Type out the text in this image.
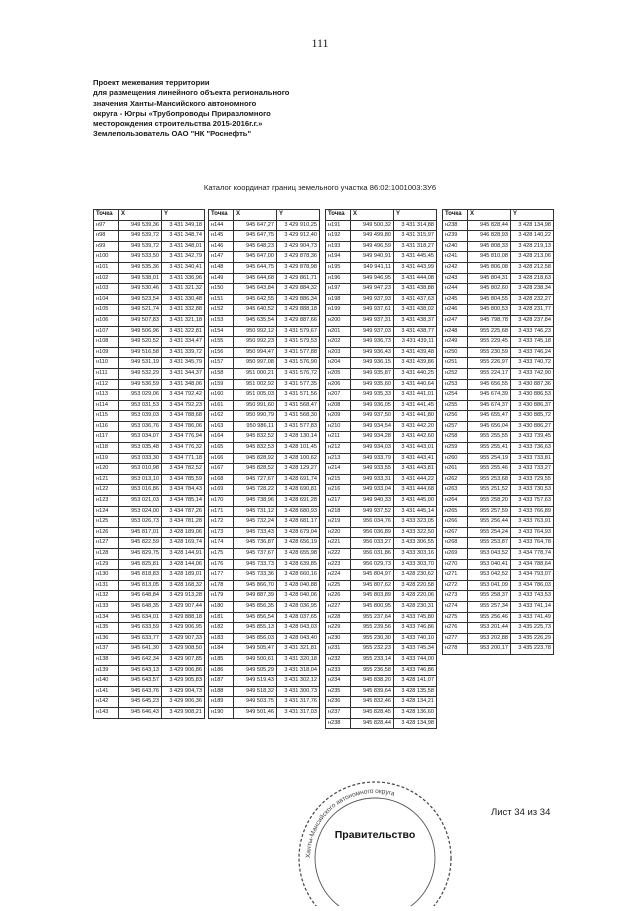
111
Проект межевания территории
для размещения линейного объекта регионального
значения Ханты-Мансийского автономного
округа - Югры «Трубопроводы Приразломного
месторождения строительства 2015-2016г.г.»
Землепользователь ОАО "НК "Роснефть"
Каталог координат границ земельного участка 86:02:1001003:ЗУ6
Точка	X	Y
н97	949 539,36	3 431 349,18
н98	949 539,72	3 431 348,74
н99	949 539,72	3 431 348,01
н100	949 533,50	3 431 342,79
н101	949 535,36	3 431 340,41
н102	949 538,01	3 431 336,96
н103	949 530,46	3 431 321,32
н104	949 523,54	3 431 330,48
н105	949 521,74	3 431 332,88
н106	949 507,83	3 431 321,18
н107	949 506,96	3 431 322,81
н108	949 520,52	3 431 334,47
н109	949 516,58	3 431 339,72
н110	949 531,19	3 431 345,79
н111	949 532,29	3 431 344,37
н112	949 536,59	3 431 348,06
н113	953 029,06	3 434 792,42
н114	953 031,53	3 434 792,23
н115	953 039,03	3 434 788,68
н116	953 036,76	3 434 786,06
н117	953 034,07	3 434 776,94
н118	953 035,48	3 434 776,32
н119	953 033,30	3 434 771,18
н120	953 010,98	3 434 782,52
н121	953 013,10	3 434 785,59
н122	953 016,86	3 434 784,43
н123	953 021,03	3 434 785,14
н124	953 024,00	3 434 787,26
н125	953 026,73	3 434 781,28
н126	945 817,01	3 428 189,06
н127	945 822,59	3 428 169,74
н128	945 829,75	3 428 144,91
н129	945 825,81	3 428 144,06
н130	945 818,83	3 428 189,01
н131	945 813,05	3 428 168,32
н132	945 648,84	3 429 913,28
н133	945 648,35	3 429 907,44
н134	945 634,01	3 429 888,18
н135	945 633,59	3 429 906,95
н136	945 633,77	3 429 907,33
н137	945 641,30	3 429 908,50
н138	945 642,34	3 429 907,85
н139	945 643,13	3 429 906,86
н140	945 643,57	3 429 905,83
н141	945 643,76	3 429 904,73
н142	945 645,23	3 429 906,36
н143	945 646,43	3 429 908,21
Точка	X	Y
н144	945 647,27	3 429 910,25
н145	945 647,75	3 429 912,40
н146	945 648,23	3 429 904,73
н147	945 647,00	3 429 878,36
н148	945 644,75	3 429 878,98
н149	945 644,68	3 429 861,71
н150	945 643,84	3 429 884,32
н151	945 642,55	3 429 886,34
н152	945 640,52	3 429 888,18
н153	945 635,54	3 429 887,66
н154	950 992,12	3 431 579,67
н155	950 992,23	3 431 579,53
н156	950 994,47	3 431 577,88
н157	950 997,08	3 431 576,90
н158	951 000,21	3 431 576,72
н159	951 002,92	3 431 577,35
н160	951 005,03	3 431 571,56
н161	950 991,60	3 431 568,47
н162	950 990,79	3 431 568,30
н163	950 986,11	3 431 577,83
н164	945 832,52	3 428 130,14
н165	945 832,53	3 428 101,45
н166	945 828,92	3 428 100,62
н167	945 828,52	3 428 129,27
н168	945 727,67	3 428 691,74
н169	945 728,22	3 428 690,81
н170	945 738,96	3 428 691,28
н171	945 731,12	3 428 680,93
н172	945 732,24	3 428 681,17
н173	945 733,43	3 428 679,04
н174	945 736,87	3 428 656,19
н175	945 737,67	3 428 655,98
н176	945 733,73	3 428 639,85
н177	945 733,36	3 428 660,16
н178	945 866,70	3 428 040,88
н179	949 887,39	3 428 040,06
н180	945 856,35	3 428 036,95
н181	945 856,54	3 428 037,65
н182	945 855,13	3 428 043,03
н183	945 856,03	3 428 043,40
н184	949 505,47	3 431 321,81
н185	949 500,61	3 431 320,18
н186	949 505,29	3 431 318,04
н187	949 519,43	3 431 302,12
н188	949 518,32	3 431 300,73
н189	949 503,75	3 431 317,76
н190	949 501,46	3 431 317,03
Точка	X	Y
н191	949 500,32	3 431 314,88
н192	949 499,80	3 431 315,97
н193	949 496,59	3 431 318,27
н194	949 940,91	3 431 445,45
н195	949 941,11	3 431 443,99
н196	949 946,95	3 431 444,08
н197	949 947,23	3 431 438,88
н198	949 937,93	3 431 437,63
н199	949 937,61	3 431 438,02
н200	949 937,31	3 431 438,37
н201	949 937,03	3 431 438,77
н202	949 936,73	3 431 439,11
н203	949 936,43	3 431 439,48
н204	949 936,15	3 431 439,86
н205	949 935,87	3 431 440,25
н206	949 935,60	3 431 440,64
н207	949 935,33	3 431 441,01
н208	949 936,05	3 431 441,45
н209	949 937,50	3 431 441,80
н210	949 934,54	3 431 442,20
н211	949 934,28	3 431 442,60
н212	949 934,03	3 431 443,01
н213	949 933,79	3 431 443,41
н214	949 933,55	3 431 443,81
н215	949 933,31	3 431 444,22
н216	949 933,04	3 431 444,68
н217	949 940,33	3 431 445,00
н218	949 937,52	3 431 445,14
н219	956 034,76	3 433 323,05
н220	956 036,89	3 433 322,50
н221	956 033,27	3 433 306,55
н222	956 031,86	3 433 303,16
н223	956 029,73	3 433 303,70
н224	945 804,97	3 428 230,62
н225	945 807,62	3 428 220,58
н226	945 803,89	3 428 220,06
н227	945 800,95	3 428 230,31
н228	955 237,64	3 433 745,80
н229	955 239,56	3 433 746,86
н230	955 230,30	3 433 740,10
н231	955 232,23	3 433 745,34
н232	955 233,14	3 433 744,00
н233	955 236,58	3 433 746,86
н234	945 838,20	3 428 141,07
н235	945 839,64	3 428 135,58
н236	945 832,46	3 428 134,21
н237	945 828,45	3 428 136,60
н238	945 828,44	3 428 134,98
Точка	X	Y
н238	945 828,44	3 428 134,98
н239	946 828,93	3 428 140,22
н240	945 808,33	3 428 219,13
н241	945 810,08	3 428 213,06
н242	945 806,08	3 428 212,58
н243	945 804,31	3 428 218,63
н244	945 802,60	3 428 238,34
н245	945 804,55	3 428 232,27
н246	945 800,53	3 428 231,77
н247	945 798,78	3 428 237,84
н248	955 225,68	3 433 746,23
н249	955 229,45	3 433 745,18
н250	955 230,59	3 433 746,24
н251	955 226,97	3 433 740,72
н252	955 224,17	3 433 742,90
н253	945 656,55	3 430 887,36
н254	945 674,39	3 430 886,53
н255	945 674,37	3 430 886,37
н256	945 655,47	3 430 885,72
н257	945 656,04	3 430 886,27
н258	955 255,55	3 433 739,45
н259	955 255,41	3 433 736,63
н260	955 254,19	3 433 733,81
н261	955 255,46	3 433 733,27
н262	955 253,68	3 433 729,55
н263	955 251,52	3 433 730,53
н264	955 258,20	3 433 757,63
н265	955 257,59	3 433 766,89
н266	955 256,44	3 433 763,91
н267	955 254,24	3 433 764,93
н268	955 253,87	3 433 764,78
н269	953 043,52	3 434 778,74
н270	953 040,41	3 434 788,64
н271	953 042,52	3 434 793,07
н272	953 041,09	3 434 786,03
н273	955 258,37	3 433 743,53
н274	955 257,34	3 433 741,14
н275	955 256,46	3 433 741,49
н276	953 201,44	3 435 225,73
н277	953 202,88	3 435 226,29
н278	953 200,17	3 435 223,78
Лист 34 из 34
Ханты-Мансийского автономного округа
Правительство
